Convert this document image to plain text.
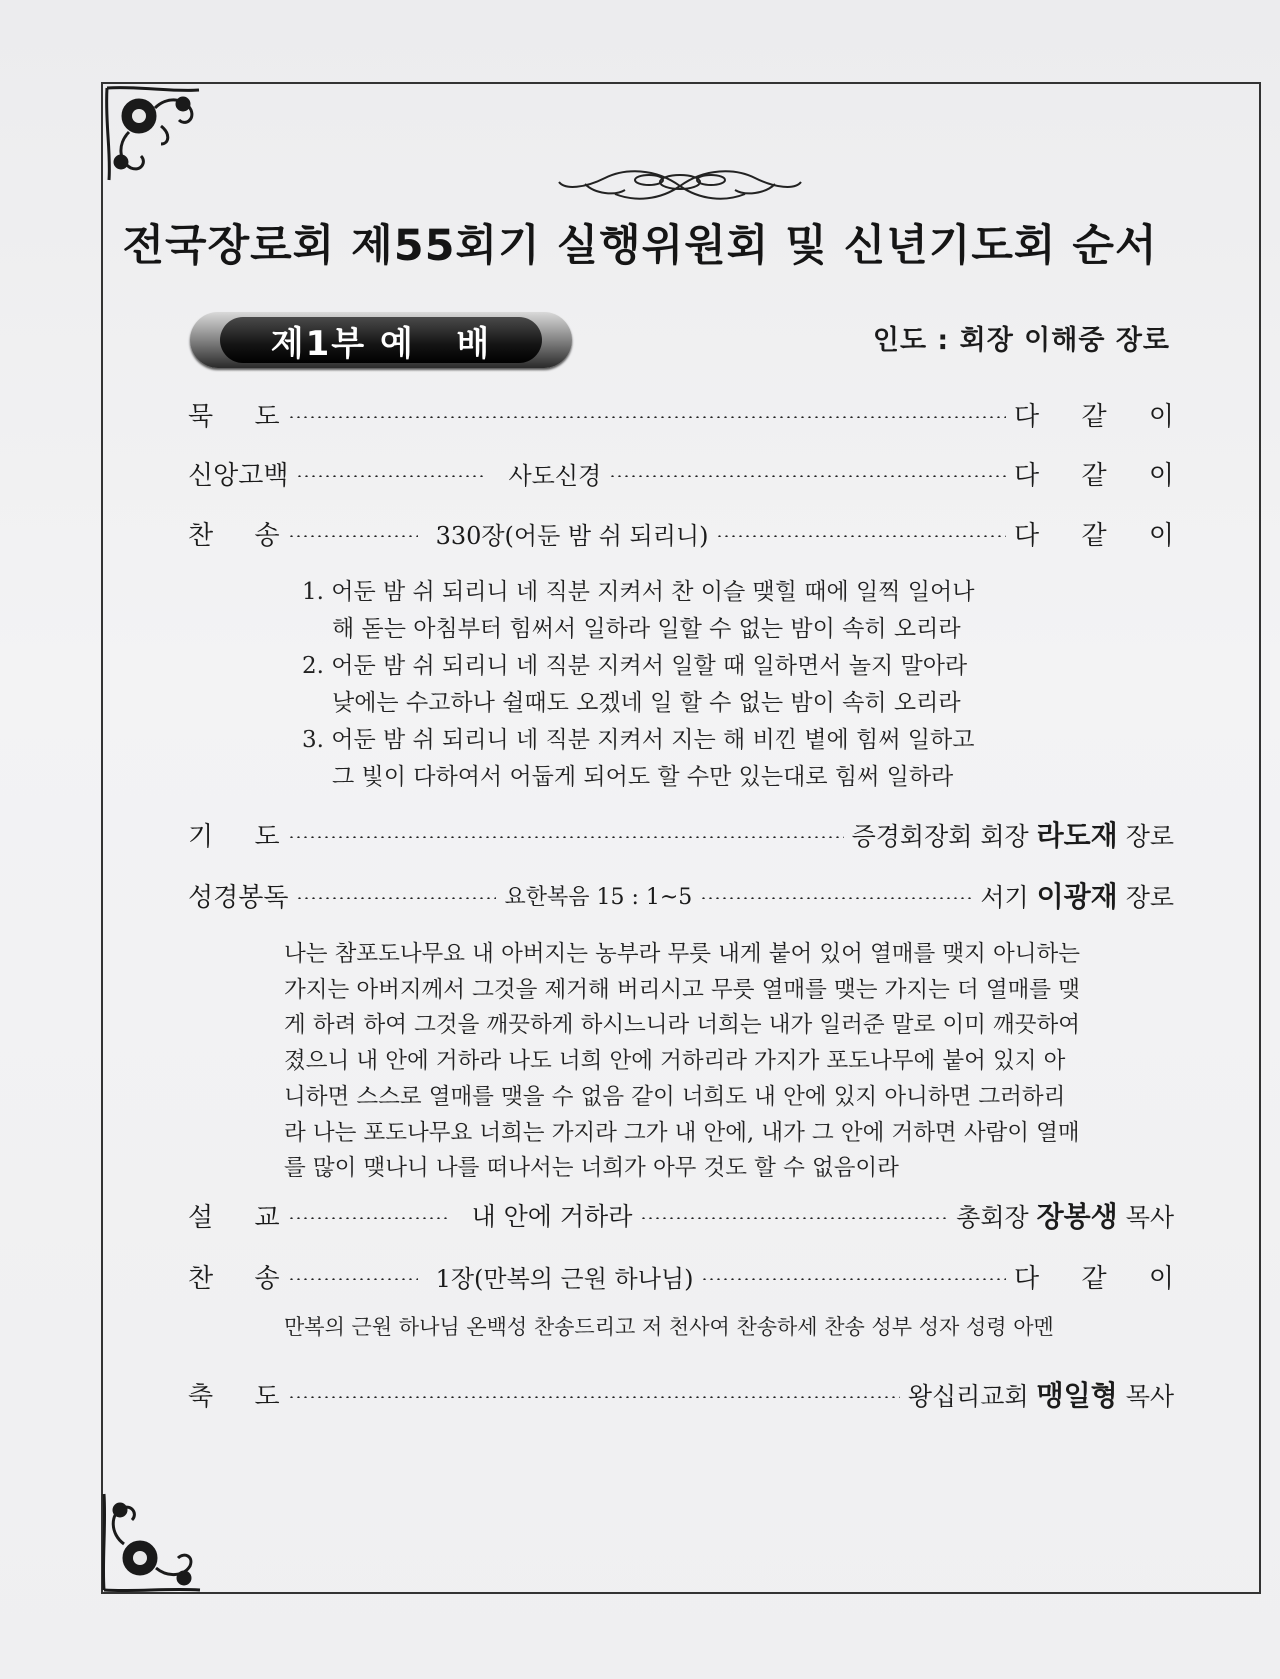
전국장로회 제55회기 실행위원회 및 신년기도회 순서
제1부 예   배	인도 : 회장 이해중 장로
묵     도	다 같 이
신앙고백	사도신경	다 같 이
찬     송	330장(어둔 밤 쉬 되리니)	다 같 이
1. 어둔 밤 쉬 되리니 네 직분 지켜서 찬 이슬 맺힐 때에 일찍 일어나
해 돋는 아침부터 힘써서 일하라 일할 수 없는 밤이 속히 오리라
2. 어둔 밤 쉬 되리니 네 직분 지켜서 일할 때 일하면서 놀지 말아라
낮에는 수고하나 쉴때도 오겠네 일 할 수 없는 밤이 속히 오리라
3. 어둔 밤 쉬 되리니 네 직분 지켜서 지는 해 비낀 볕에 힘써 일하고
그 빛이 다하여서 어둡게 되어도 할 수만 있는대로 힘써 일하라
기     도	증경회장회 회장 라도재 장로
성경봉독	요한복음 15 : 1~5	서기 이광재 장로
나는 참포도나무요 내 아버지는 농부라 무릇 내게 붙어 있어 열매를 맺지 아니하는
가지는 아버지께서 그것을 제거해 버리시고 무릇 열매를 맺는 가지는 더 열매를 맺
게 하려 하여 그것을 깨끗하게 하시느니라 너희는 내가 일러준 말로 이미 깨끗하여
졌으니 내 안에 거하라 나도 너희 안에 거하리라 가지가 포도나무에 붙어 있지 아
니하면 스스로 열매를 맺을 수 없음 같이 너희도 내 안에 있지 아니하면 그러하리
라 나는 포도나무요 너희는 가지라 그가 내 안에, 내가 그 안에 거하면 사람이 열매
를 많이 맺나니 나를 떠나서는 너희가 아무 것도 할 수 없음이라
설     교	내 안에 거하라	총회장 장봉생 목사
찬     송	1장(만복의 근원 하나님)	다 같 이
만복의 근원 하나님 온백성 찬송드리고 저 천사여 찬송하세 찬송 성부 성자 성령 아멘
축     도	왕십리교회 맹일형 목사
